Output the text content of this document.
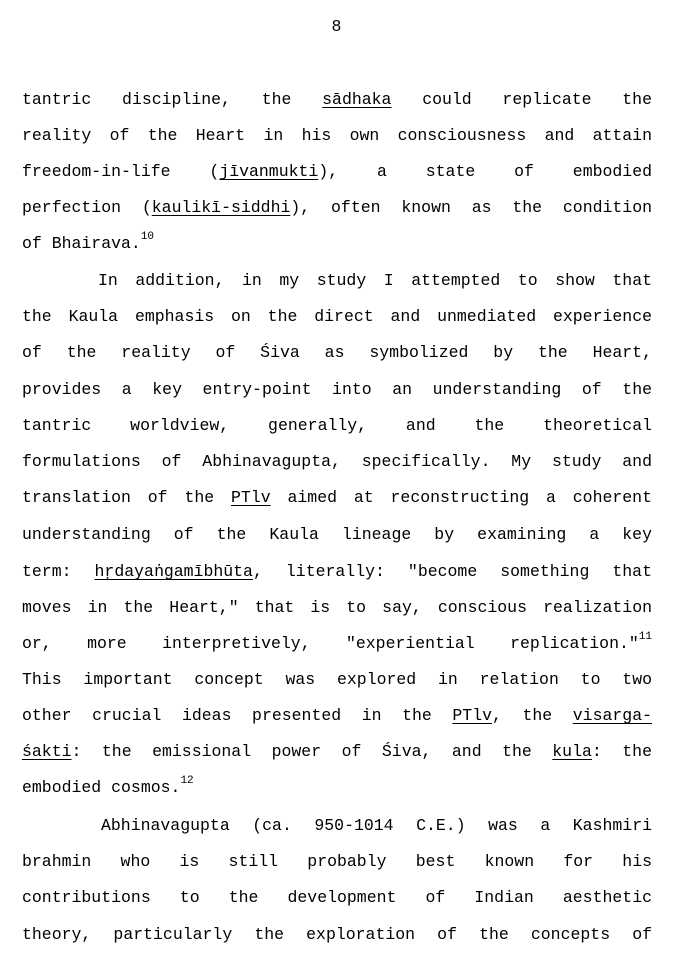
8
tantric discipline, the sādhaka could replicate the
reality of the Heart in his own consciousness and attain
freedom-in-life (jīvanmukti), a state of embodied
perfection (kaulikī-siddhi), often known as the condition
of Bhairava.$^{10}$
In addition, in my study I attempted to show that
the Kaula emphasis on the direct and unmediated experience
of the reality of Śiva as symbolized by the Heart,
provides a key entry-point into an understanding of the
tantric worldview, generally, and the theoretical
formulations of Abhinavagupta, specifically. My study and
translation of the PTlv aimed at reconstructing a coherent
understanding of the Kaula lineage by examining a key
term: hṛdayaṅgamībhūta, literally: "become something that
moves in the Heart," that is to say, conscious realization
or, more interpretively, "experiential replication."$^{11}$
This important concept was explored in relation to two
other crucial ideas presented in the PTlv, the visarga-
śakti: the emissional power of Śiva, and the kula: the
embodied cosmos.$^{12}$
Abhinavagupta (ca. 950-1014 C.E.) was a Kashmiri
brahmin who is still probably best known for his
contributions to the development of Indian aesthetic
theory, particularly the exploration of the concepts of
